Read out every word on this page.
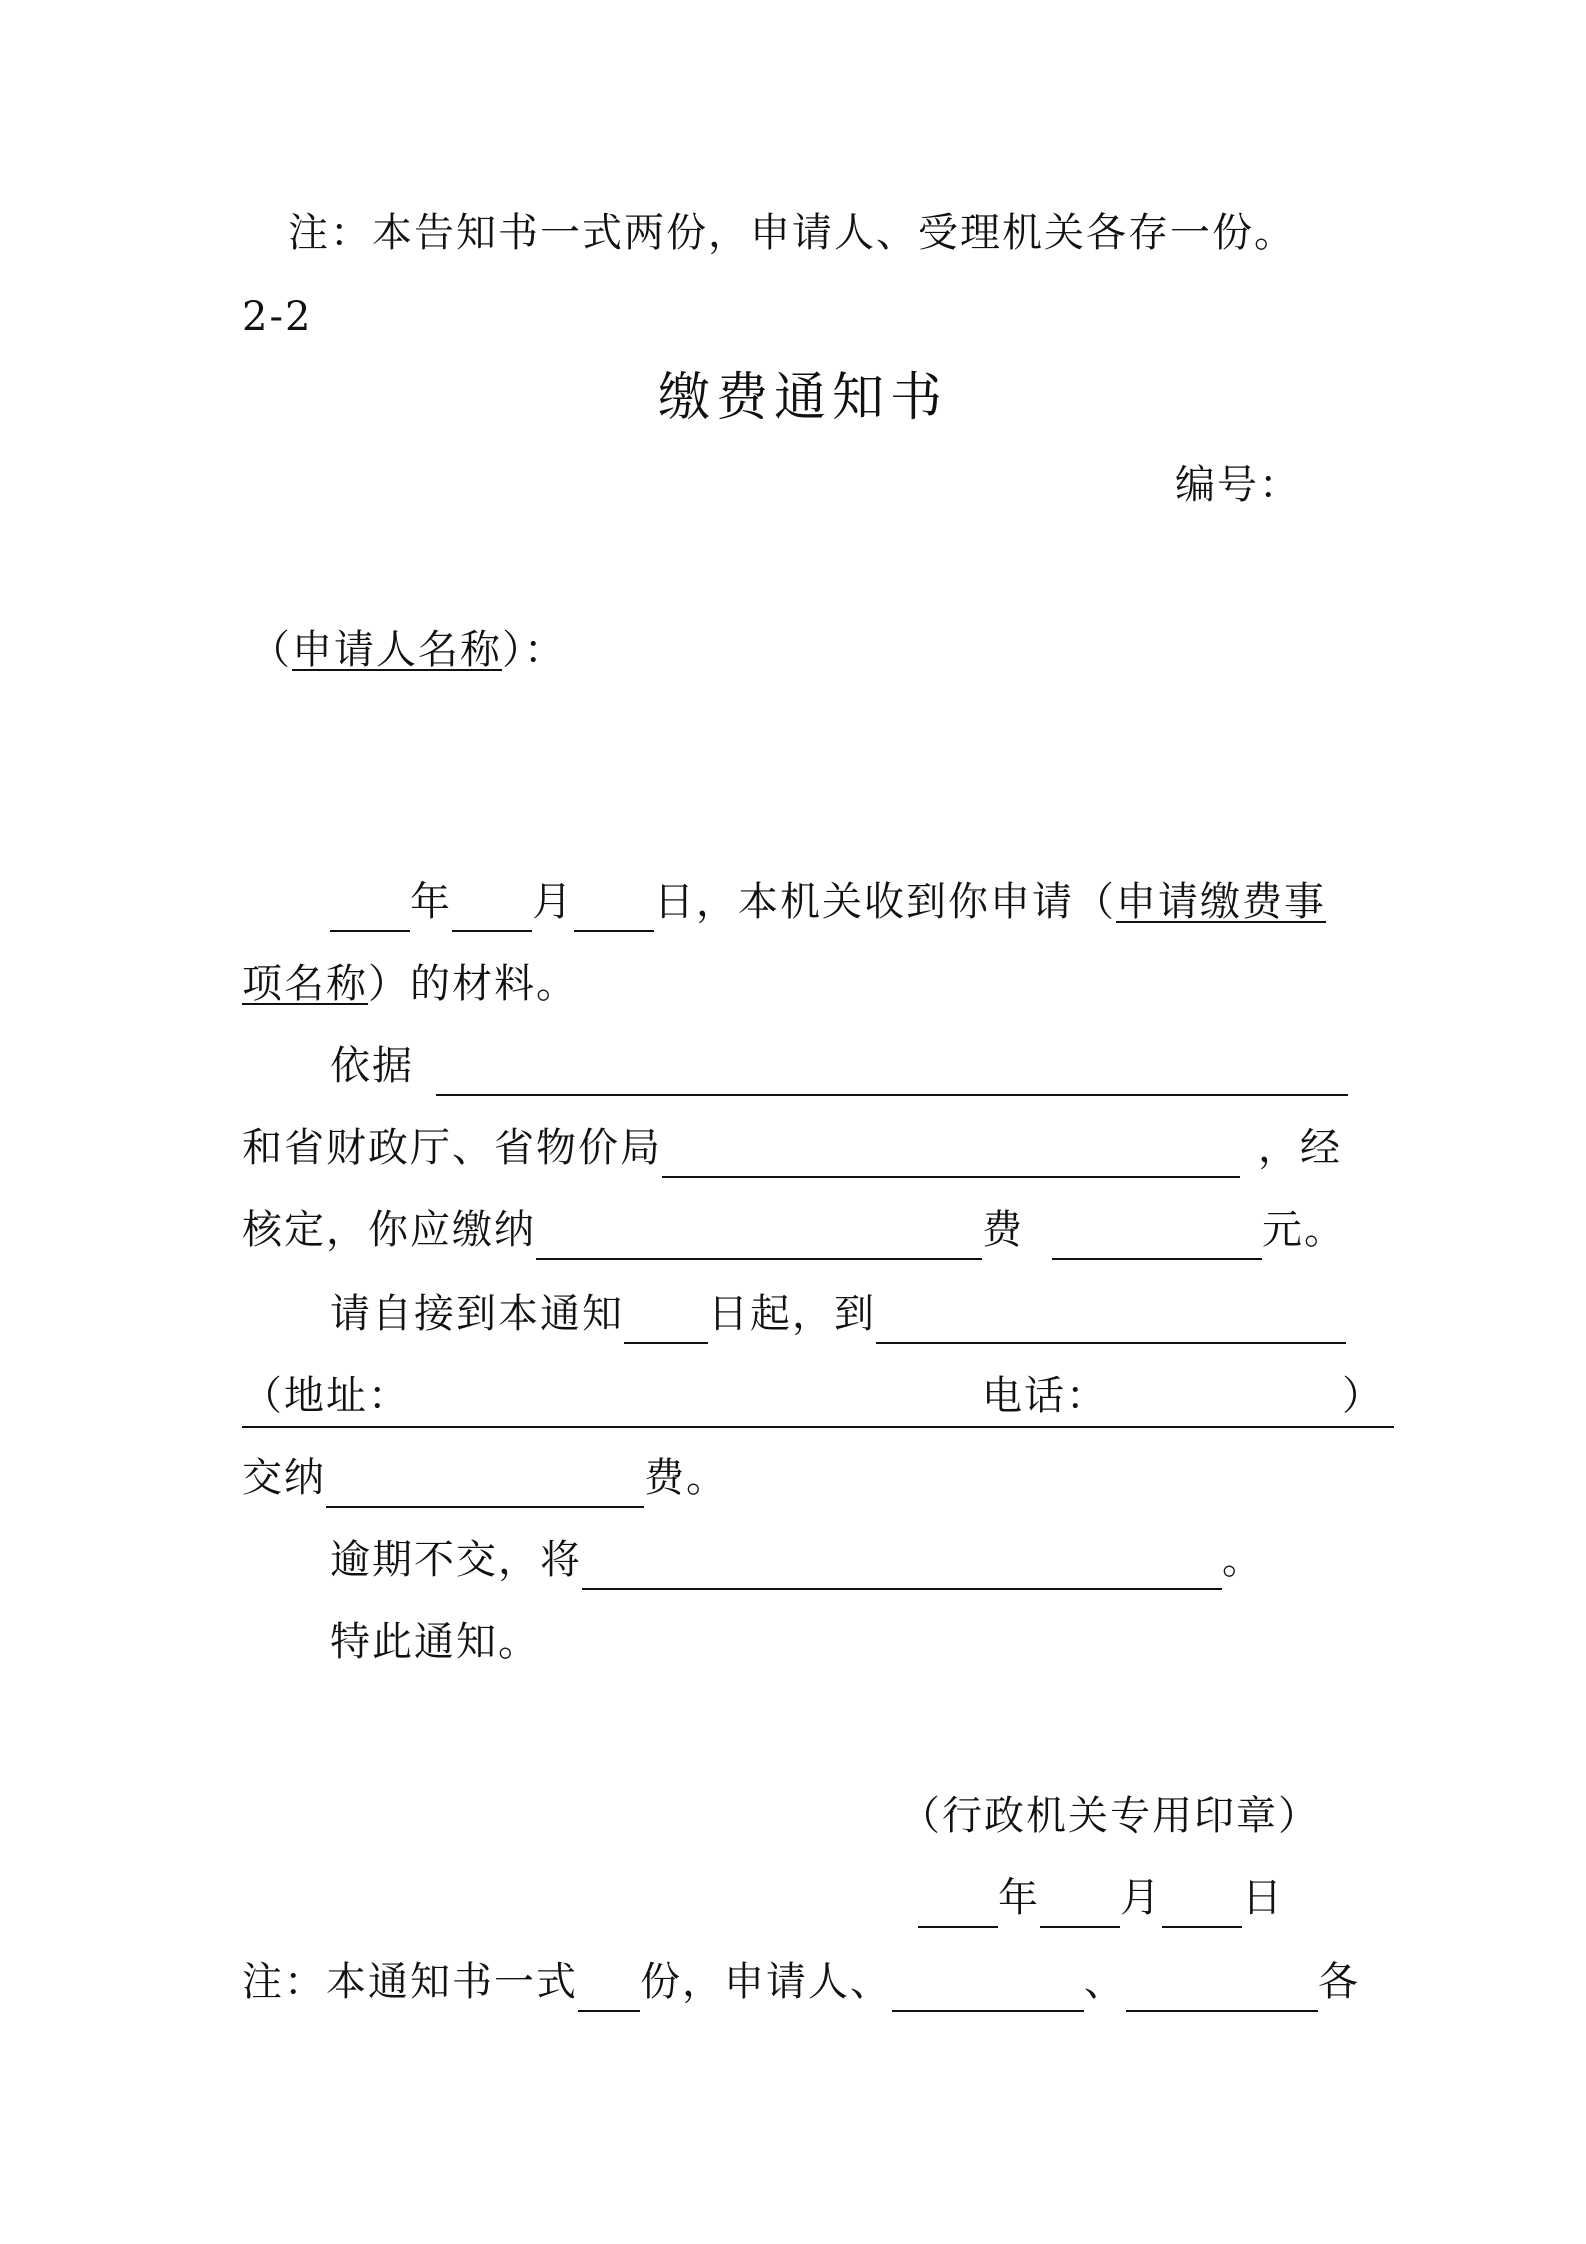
注：本告知书一式两份，申请人、受理机关各存一份。
2-2
缴费通知书
编号：
（申请人名称）：
年 月 日，本机关收到你申请（申请缴费事
项名称）的材料。
依据
和省财政厅、省物价局	，经
核定，你应缴纳	费	元。
请自接到本通知 日起，到
（地址：	电话：	）
交纳	费。
逾期不交，将	。
特此通知。
（行政机关专用印章）
年 月 日
注：本通知书一式 份，申请人、	、	各
